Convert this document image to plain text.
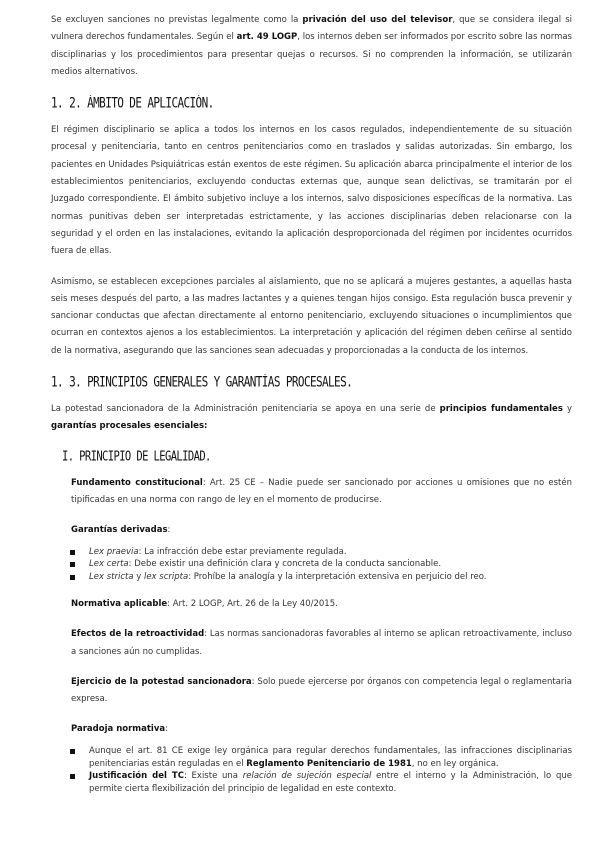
Se excluyen sanciones no previstas legalmente como la privación del uso del televisor, que se considera ilegal si vulnera derechos fundamentales. Según el art. 49 LOGP, los internos deben ser informados por escrito sobre las normas disciplinarias y los procedimientos para presentar quejas o recursos. Si no comprenden la información, se utilizarán medios alternativos.

1. 2. ÁMBITO DE APLICACIÓN.

El régimen disciplinario se aplica a todos los internos en los casos regulados, independientemente de su situación procesal y penitenciaria, tanto en centros penitenciarios como en traslados y salidas autorizadas. Sin embargo, los pacientes en Unidades Psiquiátricas están exentos de este régimen. Su aplicación abarca principalmente el interior de los establecimientos penitenciarios, excluyendo conductas externas que, aunque sean delictivas, se tramitarán por el Juzgado correspondiente. El ámbito subjetivo incluye a los internos, salvo disposiciones específicas de la normativa. Las normas punitivas deben ser interpretadas estrictamente, y las acciones disciplinarias deben relacionarse con la seguridad y el orden en las instalaciones, evitando la aplicación desproporcionada del régimen por incidentes ocurridos fuera de ellas.

Asimismo, se establecen excepciones parciales al aislamiento, que no se aplicará a mujeres gestantes, a aquellas hasta seis meses después del parto, a las madres lactantes y a quienes tengan hijos consigo. Esta regulación busca prevenir y sancionar conductas que afectan directamente al entorno penitenciario, excluyendo situaciones o incumplimientos que ocurran en contextos ajenos a los establecimientos. La interpretación y aplicación del régimen deben ceñirse al sentido de la normativa, asegurando que las sanciones sean adecuadas y proporcionadas a la conducta de los internos.

1. 3. PRINCIPIOS GENERALES Y GARANTÍAS PROCESALES.

La potestad sancionadora de la Administración penitenciaria se apoya en una serie de principios fundamentales y garantías procesales esenciales:

I. PRINCIPIO DE LEGALIDAD.

Fundamento constitucional: Art. 25 CE – Nadie puede ser sancionado por acciones u omisiones que no estén tipificadas en una norma con rango de ley en el momento de producirse.

Garantías derivadas:

Lex praevia: La infracción debe estar previamente regulada.
Lex certa: Debe existir una definición clara y concreta de la conducta sancionable.
Lex stricta y lex scripta: Prohíbe la analogía y la interpretación extensiva en perjuicio del reo.

Normativa aplicable: Art. 2 LOGP, Art. 26 de la Ley 40/2015.

Efectos de la retroactividad: Las normas sancionadoras favorables al interno se aplican retroactivamente, incluso a sanciones aún no cumplidas.

Ejercicio de la potestad sancionadora: Solo puede ejercerse por órganos con competencia legal o reglamentaria expresa.

Paradoja normativa:

Aunque el art. 81 CE exige ley orgánica para regular derechos fundamentales, las infracciones disciplinarias penitenciarias están reguladas en el Reglamento Penitenciario de 1981, no en ley orgánica.
Justificación del TC: Existe una relación de sujeción especial entre el interno y la Administración, lo que permite cierta flexibilización del principio de legalidad en este contexto.
